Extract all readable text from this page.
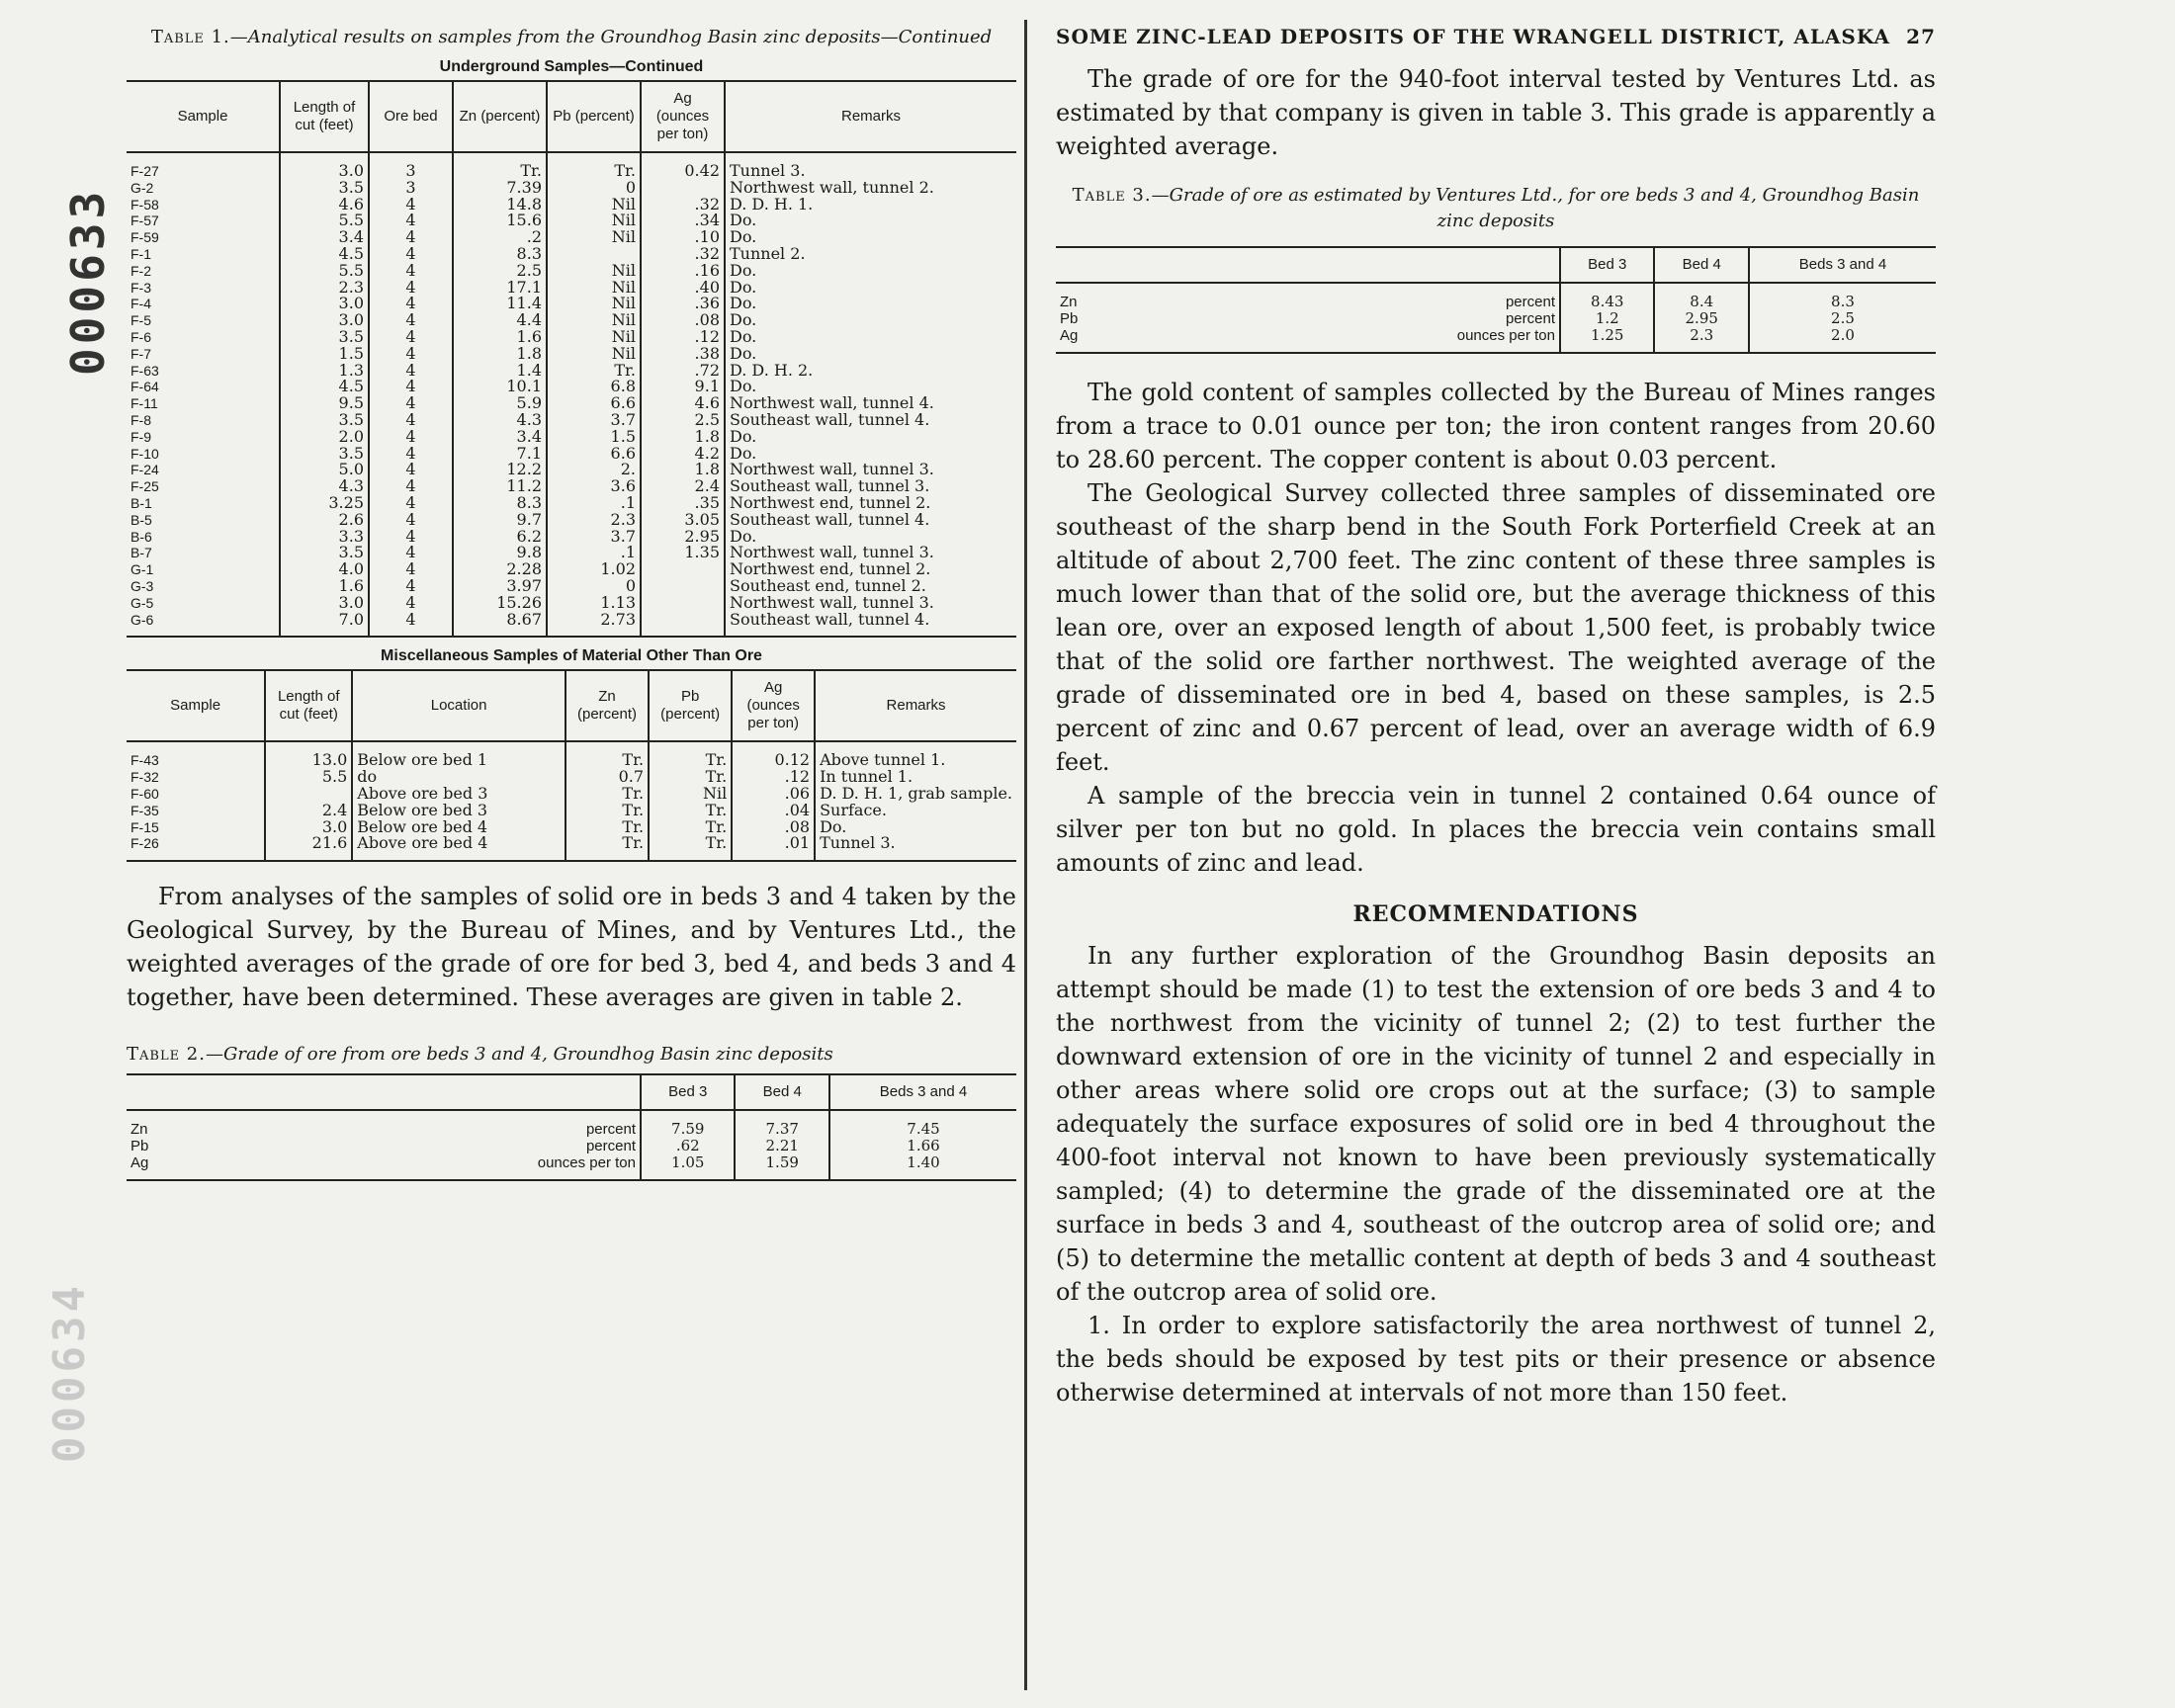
000633
000634
Table 1.—Analytical results on samples from the Groundhog Basin zinc deposits—Continued
Underground Samples—Continued
Sample	Length of cut (feet)	Ore bed	Zn (percent)	Pb (percent)	Ag (ounces per ton)	Remarks
F-27	3.0	3	Tr.	Tr.	0.42	Tunnel 3.
G-2	3.5	3	7.39	0		Northwest wall, tunnel 2.
F-58	4.6	4	14.8	Nil	.32	D. D. H. 1.
F-57	5.5	4	15.6	Nil	.34	Do.
F-59	3.4	4	.2	Nil	.10	Do.
F-1	4.5	4	8.3		.32	Tunnel 2.
F-2	5.5	4	2.5	Nil	.16	Do.
F-3	2.3	4	17.1	Nil	.40	Do.
F-4	3.0	4	11.4	Nil	.36	Do.
F-5	3.0	4	4.4	Nil	.08	Do.
F-6	3.5	4	1.6	Nil	.12	Do.
F-7	1.5	4	1.8	Nil	.38	Do.
F-63	1.3	4	1.4	Tr.	.72	D. D. H. 2.
F-64	4.5	4	10.1	6.8	9.1	Do.
F-11	9.5	4	5.9	6.6	4.6	Northwest wall, tunnel 4.
F-8	3.5	4	4.3	3.7	2.5	Southeast wall, tunnel 4.
F-9	2.0	4	3.4	1.5	1.8	Do.
F-10	3.5	4	7.1	6.6	4.2	Do.
F-24	5.0	4	12.2	2.	1.8	Northwest wall, tunnel 3.
F-25	4.3	4	11.2	3.6	2.4	Southeast wall, tunnel 3.
B-1	3.25	4	8.3	.1	.35	Northwest end, tunnel 2.
B-5	2.6	4	9.7	2.3	3.05	Southeast wall, tunnel 4.
B-6	3.3	4	6.2	3.7	2.95	Do.
B-7	3.5	4	9.8	.1	1.35	Northwest wall, tunnel 3.
G-1	4.0	4	2.28	1.02		Northwest end, tunnel 2.
G-3	1.6	4	3.97	0		Southeast end, tunnel 2.
G-5	3.0	4	15.26	1.13		Northwest wall, tunnel 3.
G-6	7.0	4	8.67	2.73		Southeast wall, tunnel 4.
Miscellaneous Samples of Material Other Than Ore
Sample	Length of cut (feet)	Location	Zn (percent)	Pb (percent)	Ag (ounces per ton)	Remarks
F-43	13.0	Below ore bed 1	Tr.	Tr.	0.12	Above tunnel 1.
F-32	5.5	do	0.7	Tr.	.12	In tunnel 1.
F-60		Above ore bed 3	Tr.	Nil	.06	D. D. H. 1, grab sample.
F-35	2.4	Below ore bed 3	Tr.	Tr.	.04	Surface.
F-15	3.0	Below ore bed 4	Tr.	Tr.	.08	Do.
F-26	21.6	Above ore bed 4	Tr.	Tr.	.01	Tunnel 3.

From analyses of the samples of solid ore in beds 3 and 4 taken by the Geological Survey, by the Bureau of Mines, and by Ventures Ltd., the weighted averages of the grade of ore for bed 3, bed 4, and beds 3 and 4 together, have been determined. These averages are given in table 2.

Table 2.—Grade of ore from ore beds 3 and 4, Groundhog Basin zinc deposits
	Bed 3	Bed 4	Beds 3 and 4

Zn	percent 7.59	7.37	7.45

Pb	percent	.62	2.21	1.66

Ag	ounces per ton 1.05	1.59	1.40
SOME ZINC-LEAD DEPOSITS OF THE WRANGELL DISTRICT, ALASKA 27

The grade of ore for the 940-foot interval tested by Ventures Ltd. as estimated by that company is given in table 3. This grade is apparently a weighted average.

Table 3.—Grade of ore as estimated by Ventures Ltd., for ore beds 3 and 4, Groundhog Basin zinc deposits
	Bed 3	Bed 4	Beds 3 and 4

Zn	percent 8.43	8.4	8.3

Pb	percent	1.2	2.95	2.5

Ag	ounces per ton 1.25	2.3	2.0

The gold content of samples collected by the Bureau of Mines ranges from a trace to 0.01 ounce per ton; the iron content ranges from 20.60 to 28.60 percent. The copper content is about 0.03 percent.

The Geological Survey collected three samples of disseminated ore southeast of the sharp bend in the South Fork Porterfield Creek at an altitude of about 2,700 feet. The zinc content of these three samples is much lower than that of the solid ore, but the average thickness of this lean ore, over an exposed length of about 1,500 feet, is probably twice that of the solid ore farther northwest. The weighted average of the grade of disseminated ore in bed 4, based on these samples, is 2.5 percent of zinc and 0.67 percent of lead, over an average width of 6.9 feet.

A sample of the breccia vein in tunnel 2 contained 0.64 ounce of silver per ton but no gold. In places the breccia vein contains small amounts of zinc and lead.

RECOMMENDATIONS

In any further exploration of the Groundhog Basin deposits an attempt should be made (1) to test the extension of ore beds 3 and 4 to the northwest from the vicinity of tunnel 2; (2) to test further the downward extension of ore in the vicinity of tunnel 2 and especially in other areas where solid ore crops out at the surface; (3) to sample adequately the surface exposures of solid ore in bed 4 throughout the 400-foot interval not known to have been previously systematically sampled; (4) to determine the grade of the disseminated ore at the surface in beds 3 and 4, southeast of the outcrop area of solid ore; and (5) to determine the metallic content at depth of beds 3 and 4 southeast of the outcrop area of solid ore.

1. In order to explore satisfactorily the area northwest of tunnel 2, the beds should be exposed by test pits or their presence or absence otherwise determined at intervals of not more than 150 feet.
